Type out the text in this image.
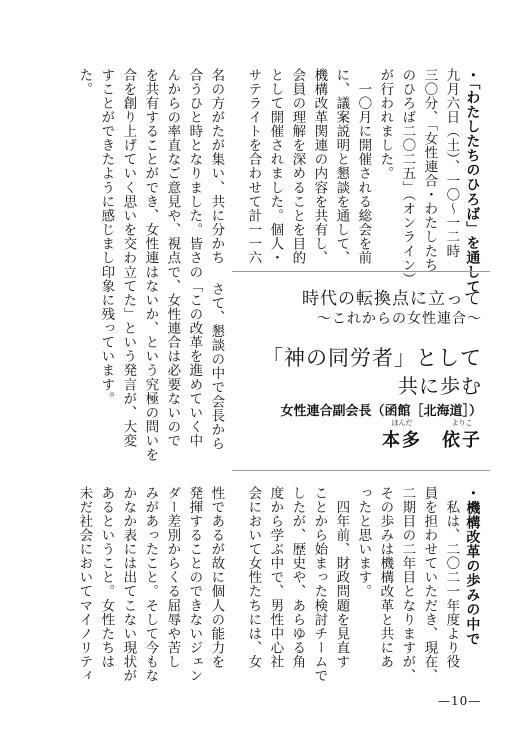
・「わたしたちのひろば」を通して
九月六日（土）、一〇～一二時
三〇分、「女性連合・わたしたち
のひろば二〇二五」（オンライン）
が行われました。
　一〇月に開催される総会を前
に、議案説明と懇談を通して、
機構改革関連の内容を共有し、
会員の理解を深めることを目的
として開催されました。個人・
サテライトを合わせて計一一六
名の方がたが集い、共に分かち
合うひと時となりました。皆さ
んからの率直なご意見や、視点
を共有することができ、女性連
合を創り上げていく思いを交わ
すことができたように感じまし
た。
さて、懇談の中で会長から
の「この改革を進めていく中
で、女性連合は必要ないので
はないか、という究極の問いを
立てた」という発言が、大変
印象に残っています。	時代の転換点に立って
～これからの女性連合～
「神の同労者」として
共に歩む
女性連合副会長（函館［北海道］）
本多
ほんだ
　依子
よりこ
・機構改革の歩みの中で
　私は、二〇二一年度より役
員を担わせていただき、現在、
二期目の二年目となりますが、
その歩みは機構改革と共にあ
ったと思います。
　四年前、財政問題を見直す
ことから始まった検討チームで
したが、歴史や、あらゆる角
度から学ぶ中で、男性中心社
会において女性たちには、女
性であるが故に個人の能力を
発揮することのできないジェン
ダー差別からくる屈辱や苦し
みがあったこと。そして今もな
かなか表には出てこない現状が
あるということ。女性たちは
未だ社会においてマイノリティ
—10—
